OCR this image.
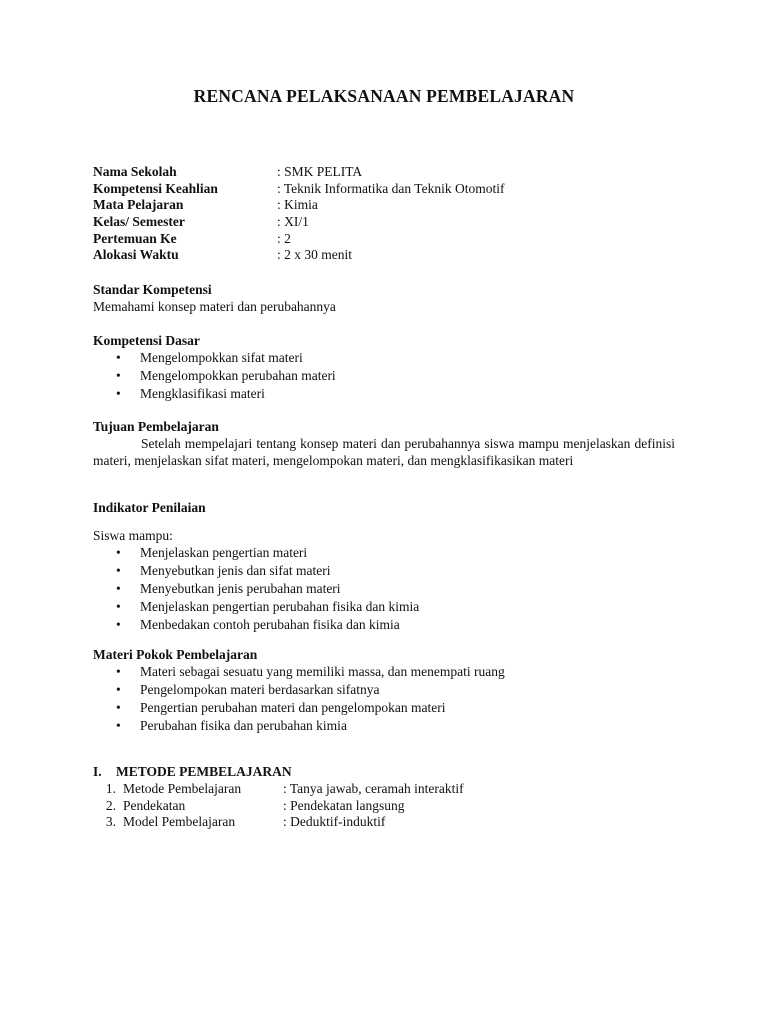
RENCANA PELAKSANAAN PEMBELAJARAN
Nama Sekolah	: SMK PELITA
Kompetensi Keahlian	: Teknik Informatika dan Teknik Otomotif
Mata Pelajaran	: Kimia
Kelas/ Semester	: XI/1
Pertemuan Ke	: 2
Alokasi Waktu	: 2 x 30 menit
Standar Kompetensi
Memahami konsep materi dan perubahannya
Kompetensi Dasar
• Mengelompokkan sifat materi
• Mengelompokkan perubahan materi
• Mengklasifikasi materi
Tujuan Pembelajaran
Setelah mempelajari tentang konsep materi dan perubahannya siswa mampu menjelaskan definisi materi, menjelaskan sifat materi, mengelompokan materi, dan mengklasifikasikan materi
Indikator Penilaian
Siswa mampu:
• Menjelaskan pengertian materi
• Menyebutkan jenis dan sifat materi
• Menyebutkan jenis perubahan materi
• Menjelaskan pengertian perubahan fisika dan kimia
• Menbedakan contoh perubahan fisika dan kimia
Materi Pokok Pembelajaran
• Materi sebagai sesuatu yang memiliki massa, dan menempati ruang
• Pengelompokan materi berdasarkan sifatnya
• Pengertian perubahan materi dan pengelompokan materi
• Perubahan fisika dan perubahan kimia
I.	METODE PEMBELAJARAN
1. Metode Pembelajaran	: Tanya jawab, ceramah interaktif
2. Pendekatan	: Pendekatan langsung
3. Model Pembelajaran	: Deduktif-induktif
